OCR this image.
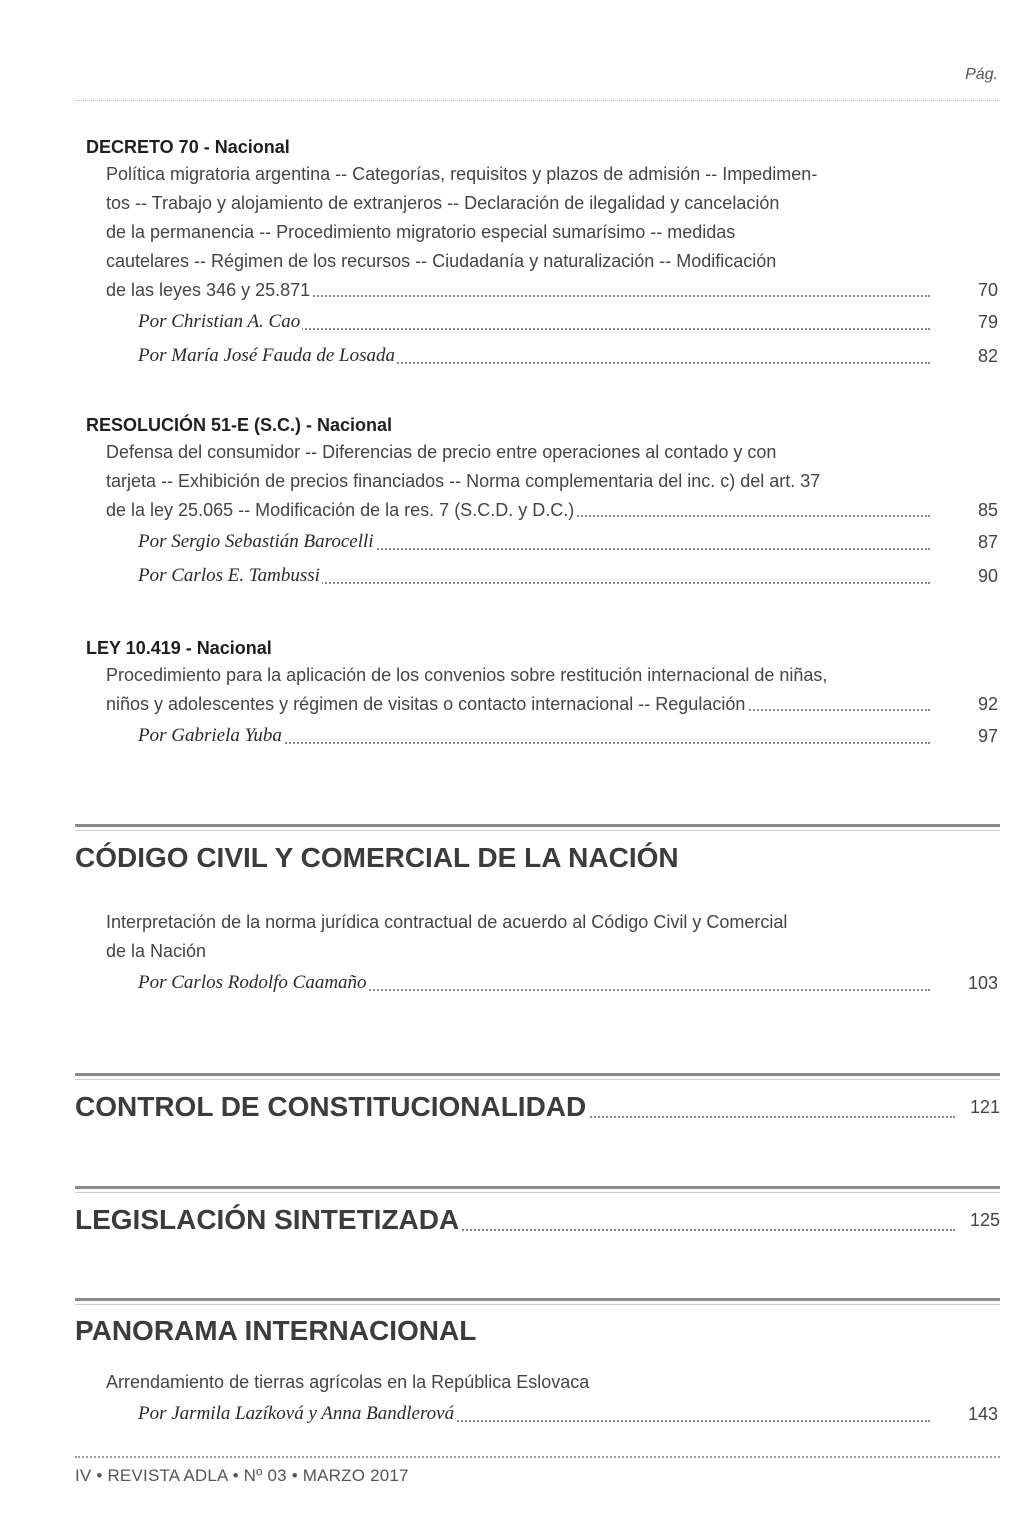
Pág.
DECRETO 70 - Nacional
Política migratoria argentina -- Categorías, requisitos y plazos de admisión -- Impedimen-
tos -- Trabajo y alojamiento de extranjeros -- Declaración de ilegalidad y cancelación
de la permanencia -- Procedimiento migratorio especial sumarísimo -- medidas
cautelares -- Régimen de los recursos -- Ciudadanía y naturalización -- Modificación
de las leyes 346 y 25.871	70
Por Christian A. Cao	79
Por María José Fauda de Losada	82
RESOLUCIÓN 51-E (S.C.) - Nacional
Defensa del consumidor -- Diferencias de precio entre operaciones al contado y con
tarjeta -- Exhibición de precios financiados -- Norma complementaria del inc. c) del art. 37
de la ley 25.065 -- Modificación de la res. 7 (S.C.D. y D.C.)	85
Por Sergio Sebastián Barocelli	87
Por Carlos E. Tambussi	90
LEY 10.419 - Nacional
Procedimiento para la aplicación de los convenios sobre restitución internacional de niñas,
niños y adolescentes y régimen de visitas o contacto internacional -- Regulación	92
Por Gabriela Yuba	97
CÓDIGO CIVIL Y COMERCIAL DE LA NACIÓN
Interpretación de la norma jurídica contractual de acuerdo al Código Civil y Comercial
de la Nación
Por Carlos Rodolfo Caamaño	103
CONTROL DE CONSTITUCIONALIDAD	121
LEGISLACIÓN SINTETIZADA	125
PANORAMA INTERNACIONAL
Arrendamiento de tierras agrícolas en la República Eslovaca
Por Jarmila Lazíková y Anna Bandlerová	143
IV • REVISTA ADLA • Nº 03 • MARZO 2017
